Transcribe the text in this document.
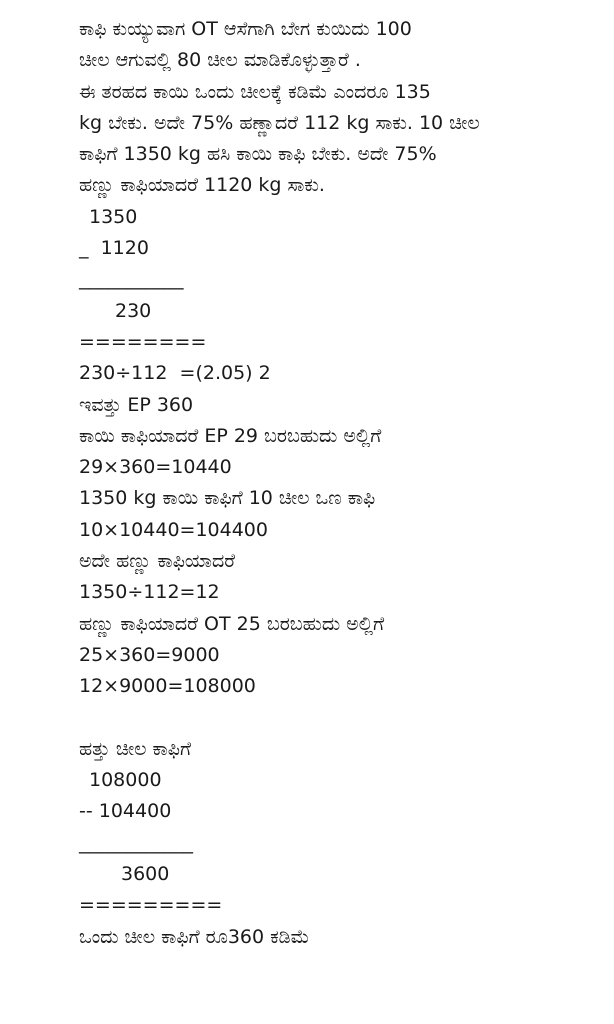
ಕಾಫಿ ಕುಯ್ಯುವಾಗ OT ಆಸೆಗಾಗಿ ಬೇಗ ಕುಯಿದು 100

ಚೀಲ ಆಗುವಲ್ಲಿ 80 ಚೀಲ ಮಾಡಿಕೊಳ್ಳುತ್ತಾರೆ .

ಈ ತರಹದ ಕಾಯಿ ಒಂದು ಚೀಲಕ್ಕೆ ಕಡಿಮೆ ಎಂದರೂ 135

kg ಬೇಕು. ಅದೇ 75% ಹಣ್ಣಾದರೆ 112 kg ಸಾಕು. 10 ಚೀಲ

ಕಾಫಿಗೆ 1350 kg ಹಸಿ ಕಾಯಿ ಕಾಫಿ ಬೇಕು. ಅದೇ 75%

ಹಣ್ಣು ಕಾಫಿಯಾದರೆ 1120 kg ಸಾಕು.

1350

_  1120

___________

230

========

230÷112  =(2.05) 2

ಇವತ್ತು EP 360

ಕಾಯಿ ಕಾಫಿಯಾದರೆ EP 29 ಬರಬಹುದು ಅಲ್ಲಿಗೆ

29×360=10440

1350 kg ಕಾಯಿ ಕಾಫಿಗೆ 10 ಚೀಲ ಒಣ ಕಾಫಿ

10×10440=104400

ಅದೇ ಹಣ್ಣು ಕಾಫಿಯಾದರೆ

1350÷112=12

ಹಣ್ಣು ಕಾಫಿಯಾದರೆ OT 25 ಬರಬಹುದು ಅಲ್ಲಿಗೆ

25×360=9000

12×9000=108000

ಹತ್ತು ಚೀಲ ಕಾಫಿಗೆ

108000

-- 104400

____________

3600

=========

ಒಂದು ಚೀಲ ಕಾಫಿಗೆ ರೂ360 ಕಡಿಮೆ
